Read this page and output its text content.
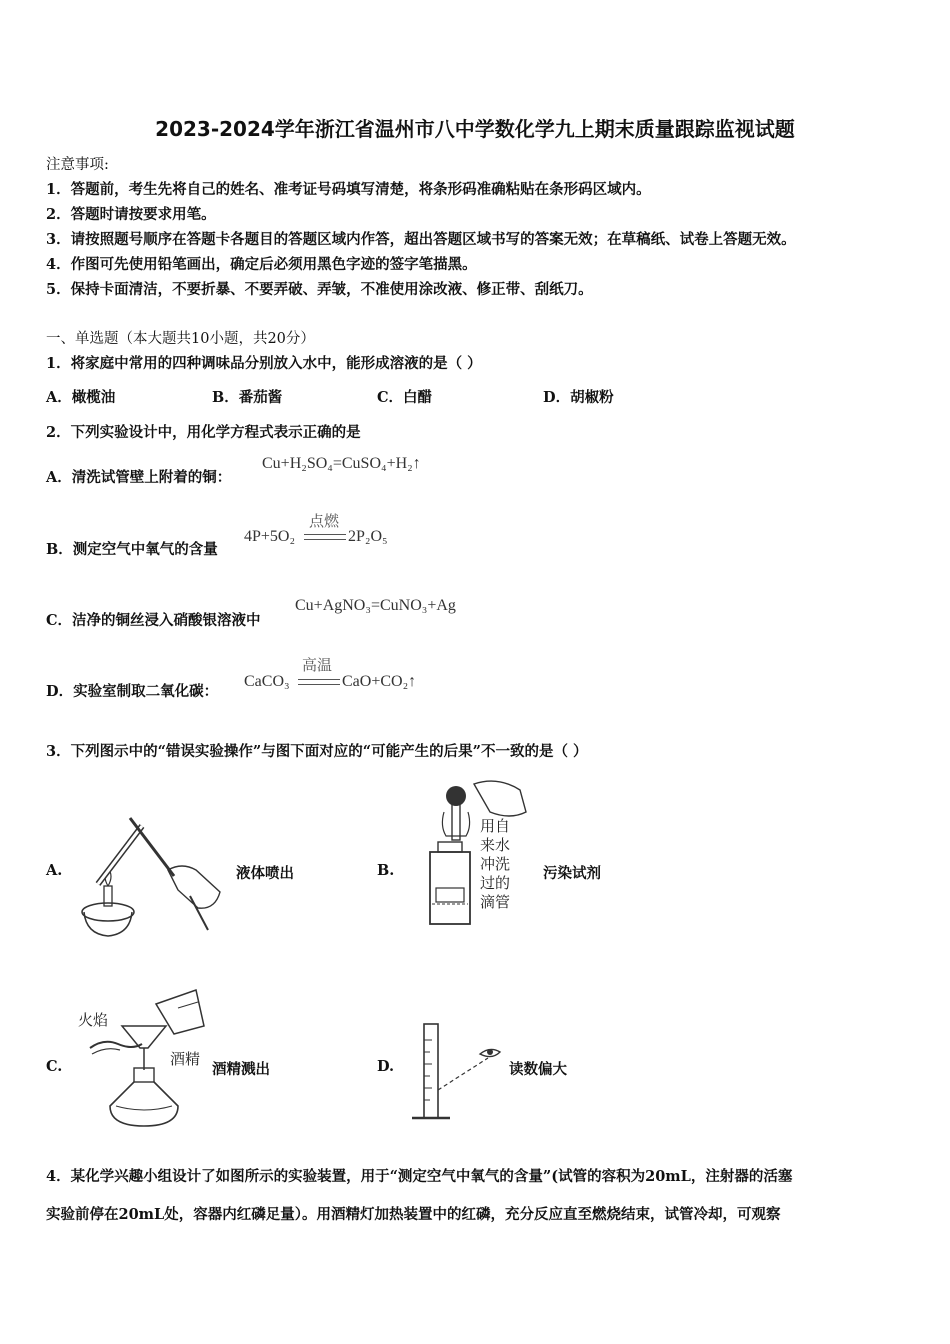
2023-2024学年浙江省温州市八中学数化学九上期末质量跟踪监视试题
注意事项:
1．答题前，考生先将自己的姓名、准考证号码填写清楚，将条形码准确粘贴在条形码区域内。
2．答题时请按要求用笔。
3．请按照题号顺序在答题卡各题目的答题区域内作答，超出答题区域书写的答案无效；在草稿纸、试卷上答题无效。
4．作图可先使用铅笔画出，确定后必须用黑色字迹的签字笔描黑。
5．保持卡面清洁，不要折暴、不要弄破、弄皱，不准使用涂改液、修正带、刮纸刀。
一、单选题（本大题共10小题，共20分）
1．将家庭中常用的四种调味品分别放入水中，能形成溶液的是（ ）
A．橄榄油	B．番茄酱	C．白醋	D．胡椒粉
2．下列实验设计中，用化学方程式表示正确的是
A．清洗试管壁上附着的铜：
Cu+H₂SO₄=CuSO₄+H₂↑
B．测定空气中氧气的含量
4P+5O₂
点燃
2P₂O₅
C．洁净的铜丝浸入硝酸银溶液中
Cu+AgNO₃=CuNO₃+Ag
D．实验室制取二氧化碳：
CaCO₃
高温
CaO+CO₂↑
3．下列图示中的“错误实验操作”与图下面对应的“可能产生的后果”不一致的是（ ）
A.	液体喷出	B.
用自
来水
冲洗
过的
滴管
污染试剂
C.
火焰
酒精
酒精溅出	D.	读数偏大
4．某化学兴趣小组设计了如图所示的实验装置，用于“测定空气中氧气的含量”(试管的容积为20mL，注射器的活塞
实验前停在20mL处，容器内红磷足量）。用酒精灯加热装置中的红磷，充分反应直至燃烧结束，试管冷却，可观察
